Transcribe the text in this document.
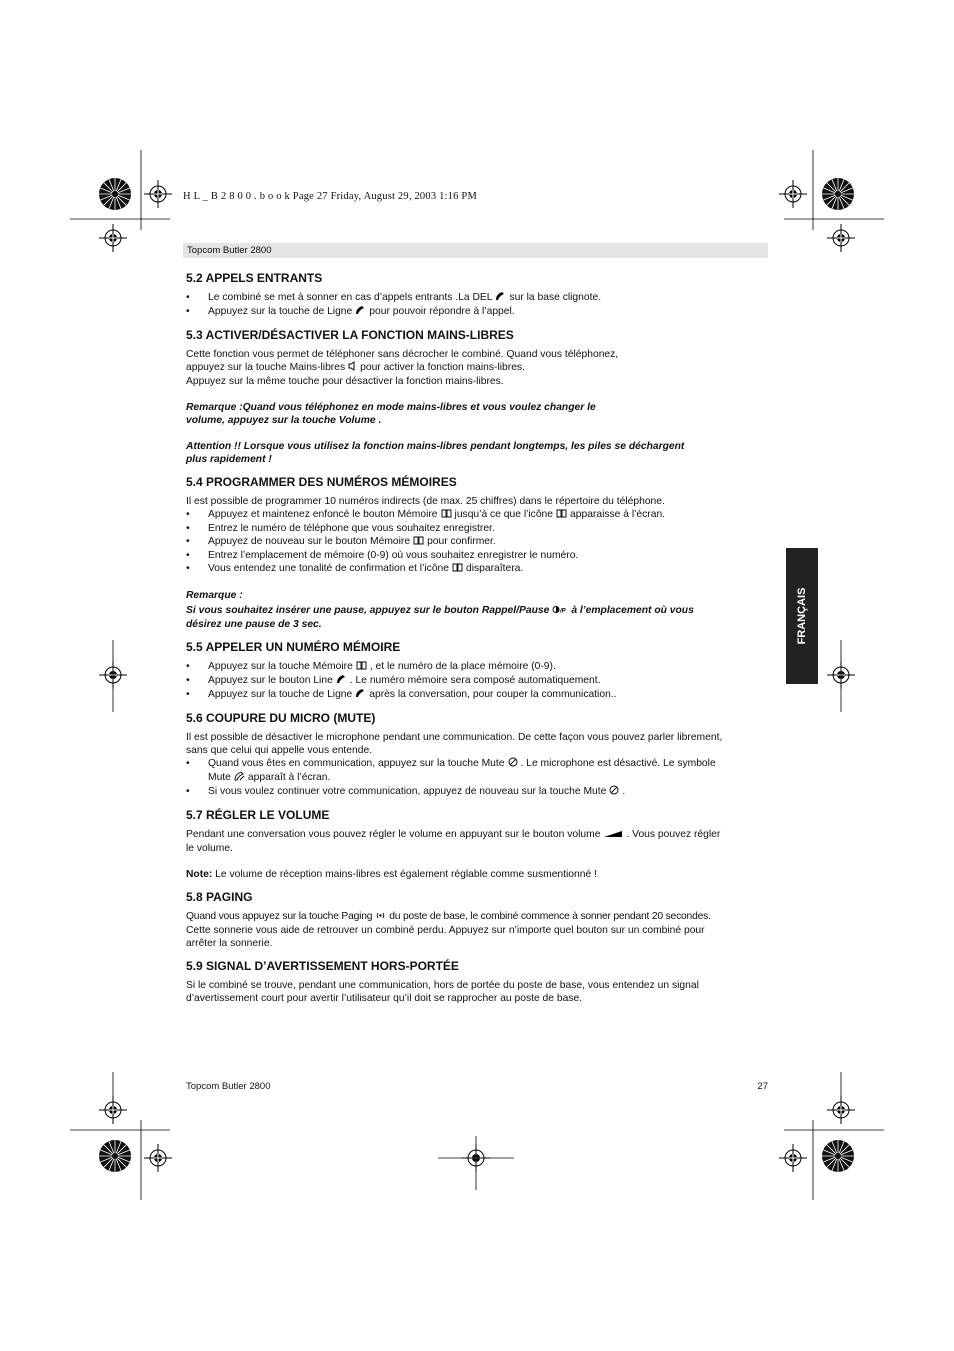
H L _ B 2 8 0 0 . b o o k Page 27 Friday, August 29, 2003 1:16 PM
Topcom Butler 2800
FRANÇAIS
5.2 APPELS ENTRANTS
• Le combiné se met à sonner en cas d’appels entrants .La DEL sur la base clignote.
• Appuyez sur la touche de Ligne pour pouvoir répondre à l’appel.
5.3 ACTIVER/DÉSACTIVER LA FONCTION MAINS-LIBRES

Cette fonction vous permet de téléphoner sans décrocher le combiné. Quand vous téléphonez,

appuyez sur la touche Mains-libres pour activer la fonction mains-libres.

Appuyez sur la même touche pour désactiver la fonction mains-libres.

Remarque :Quand vous téléphonez en mode mains-libres et vous voulez changer le
volume, appuyez sur la touche Volume .

Attention !! Lorsque vous utilisez la fonction mains-libres pendant longtemps, les piles se déchargent
plus rapidement !

5.4 PROGRAMMER DES NUMÉROS MÉMOIRES

Il est possible de programmer 10 numéros indirects (de max. 25 chiffres) dans le répertoire du téléphone.

• Appuyez et maintenez enfoncé le bouton Mémoire jusqu’à ce que l’icône apparaisse à l’écran.
• Entrez le numéro de téléphone que vous souhaitez enregistrer.
• Appuyez de nouveau sur le bouton Mémoire pour confirmer.
• Entrez l’emplacement de mémoire (0-9) où vous souhaitez enregistrer le numéro.
• Vous entendez une tonalité de confirmation et l’icône disparaîtera.

Remarque :

Si vous souhaitez insérer une pause, appuyez sur le bouton Rappel/Pause /P à l’emplacement où vous
désirez une pause de 3 sec.

5.5 APPELER UN NUMÉRO MÉMOIRE
• Appuyez sur la touche Mémoire , et le numéro de la place mémoire (0-9).
• Appuyez sur le bouton Line . Le numéro mémoire sera composé automatiquement.
• Appuyez sur la touche de Ligne après la conversation, pour couper la communication..
5.6 COUPURE DU MICRO (MUTE)

Il est possible de désactiver le microphone pendant une communication. De cette façon vous pouvez parler librement,

sans que celui qui appelle vous entende.

• Quand vous êtes en communication, appuyez sur la touche Mute . Le microphone est désactivé. Le symbole
Mute apparaît à l’écran.
• Si vous voulez continuer votre communication, appuyez de nouveau sur la touche Mute .
5.7 RÉGLER LE VOLUME

Pendant une conversation vous pouvez régler le volume en appuyant sur le bouton volume	. Vous pouvez régler

le volume.

Note: Le volume de réception mains-libres est également réglable comme susmentionné !

5.8 PAGING

Quand vous appuyez sur la touche Paging du poste de base, le combiné commence à sonner pendant 20 secondes.

Cette sonnerie vous aide de retrouver un combiné perdu. Appuyez sur n’importe quel bouton sur un combiné pour

arrêter la sonnerie.

5.9 SIGNAL D’AVERTISSEMENT HORS-PORTÉE

Si le combiné se trouve, pendant une communication, hors de portée du poste de base, vous entendez un signal

d’avertissement court pour avertir l’utilisateur qu’il doit se rapprocher au poste de base.

Topcom Butler 2800	27
